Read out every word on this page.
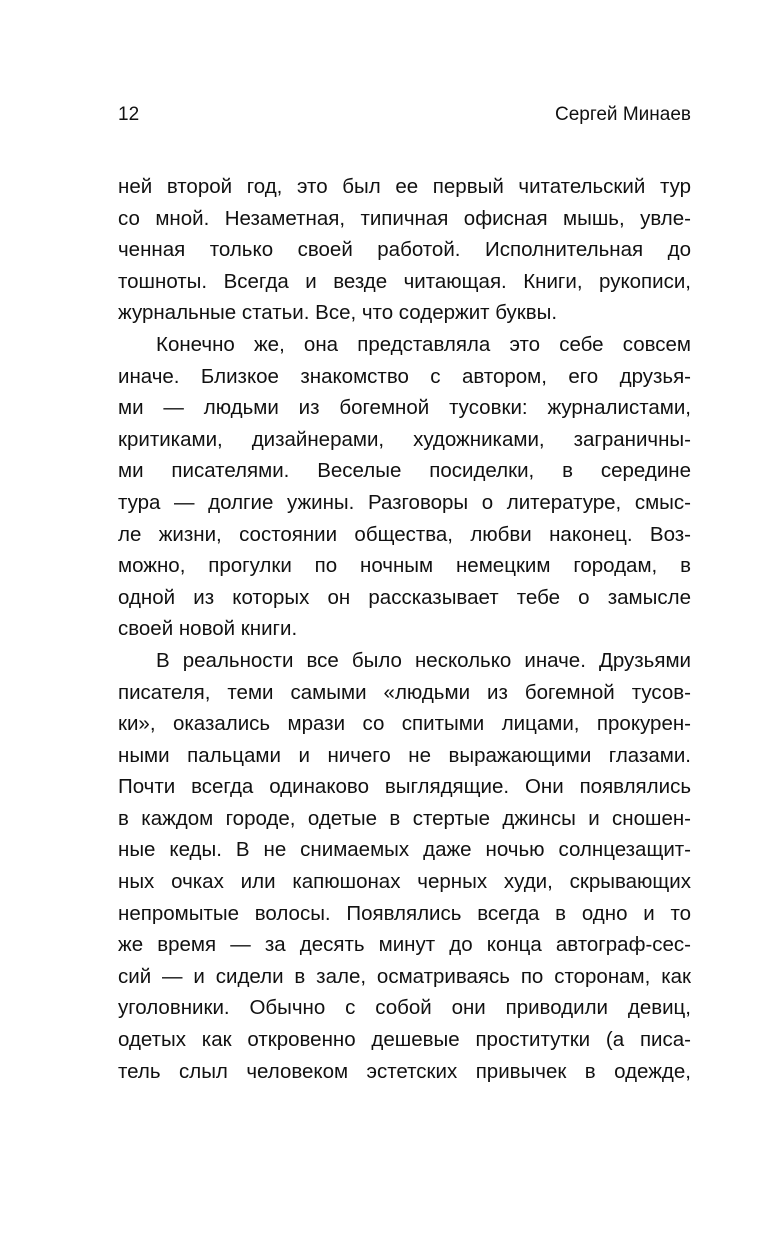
12	Сергей Минаев
ней второй год, это был ее первый читательский тур
со мной. Незаметная, типичная офисная мышь, увле-
ченная только своей работой. Исполнительная до
тошноты. Всегда и везде читающая. Книги, рукописи,
журнальные статьи. Все, что содержит буквы.
Конечно же, она представляла это себе совсем
иначе. Близкое знакомство с автором, его друзья-
ми — людьми из богемной тусовки: журналистами,
критиками, дизайнерами, художниками, заграничны-
ми писателями. Веселые посиделки, в середине
тура — долгие ужины. Разговоры о литературе, смыс-
ле жизни, состоянии общества, любви наконец. Воз-
можно, прогулки по ночным немецким городам, в
одной из которых он рассказывает тебе о замысле
своей новой книги.
В реальности все было несколько иначе. Друзьями
писателя, теми самыми «людьми из богемной тусов-
ки», оказались мрази со спитыми лицами, прокурен-
ными пальцами и ничего не выражающими глазами.
Почти всегда одинаково выглядящие. Они появлялись
в каждом городе, одетые в стертые джинсы и сношен-
ные кеды. В не снимаемых даже ночью солнцезащит-
ных очках или капюшонах черных худи, скрывающих
непромытые волосы. Появлялись всегда в одно и то
же время — за десять минут до конца автограф-сес-
сий — и сидели в зале, осматриваясь по сторонам, как
уголовники. Обычно с собой они приводили девиц,
одетых как откровенно дешевые проститутки (а писа-
тель слыл человеком эстетских привычек в одежде,
